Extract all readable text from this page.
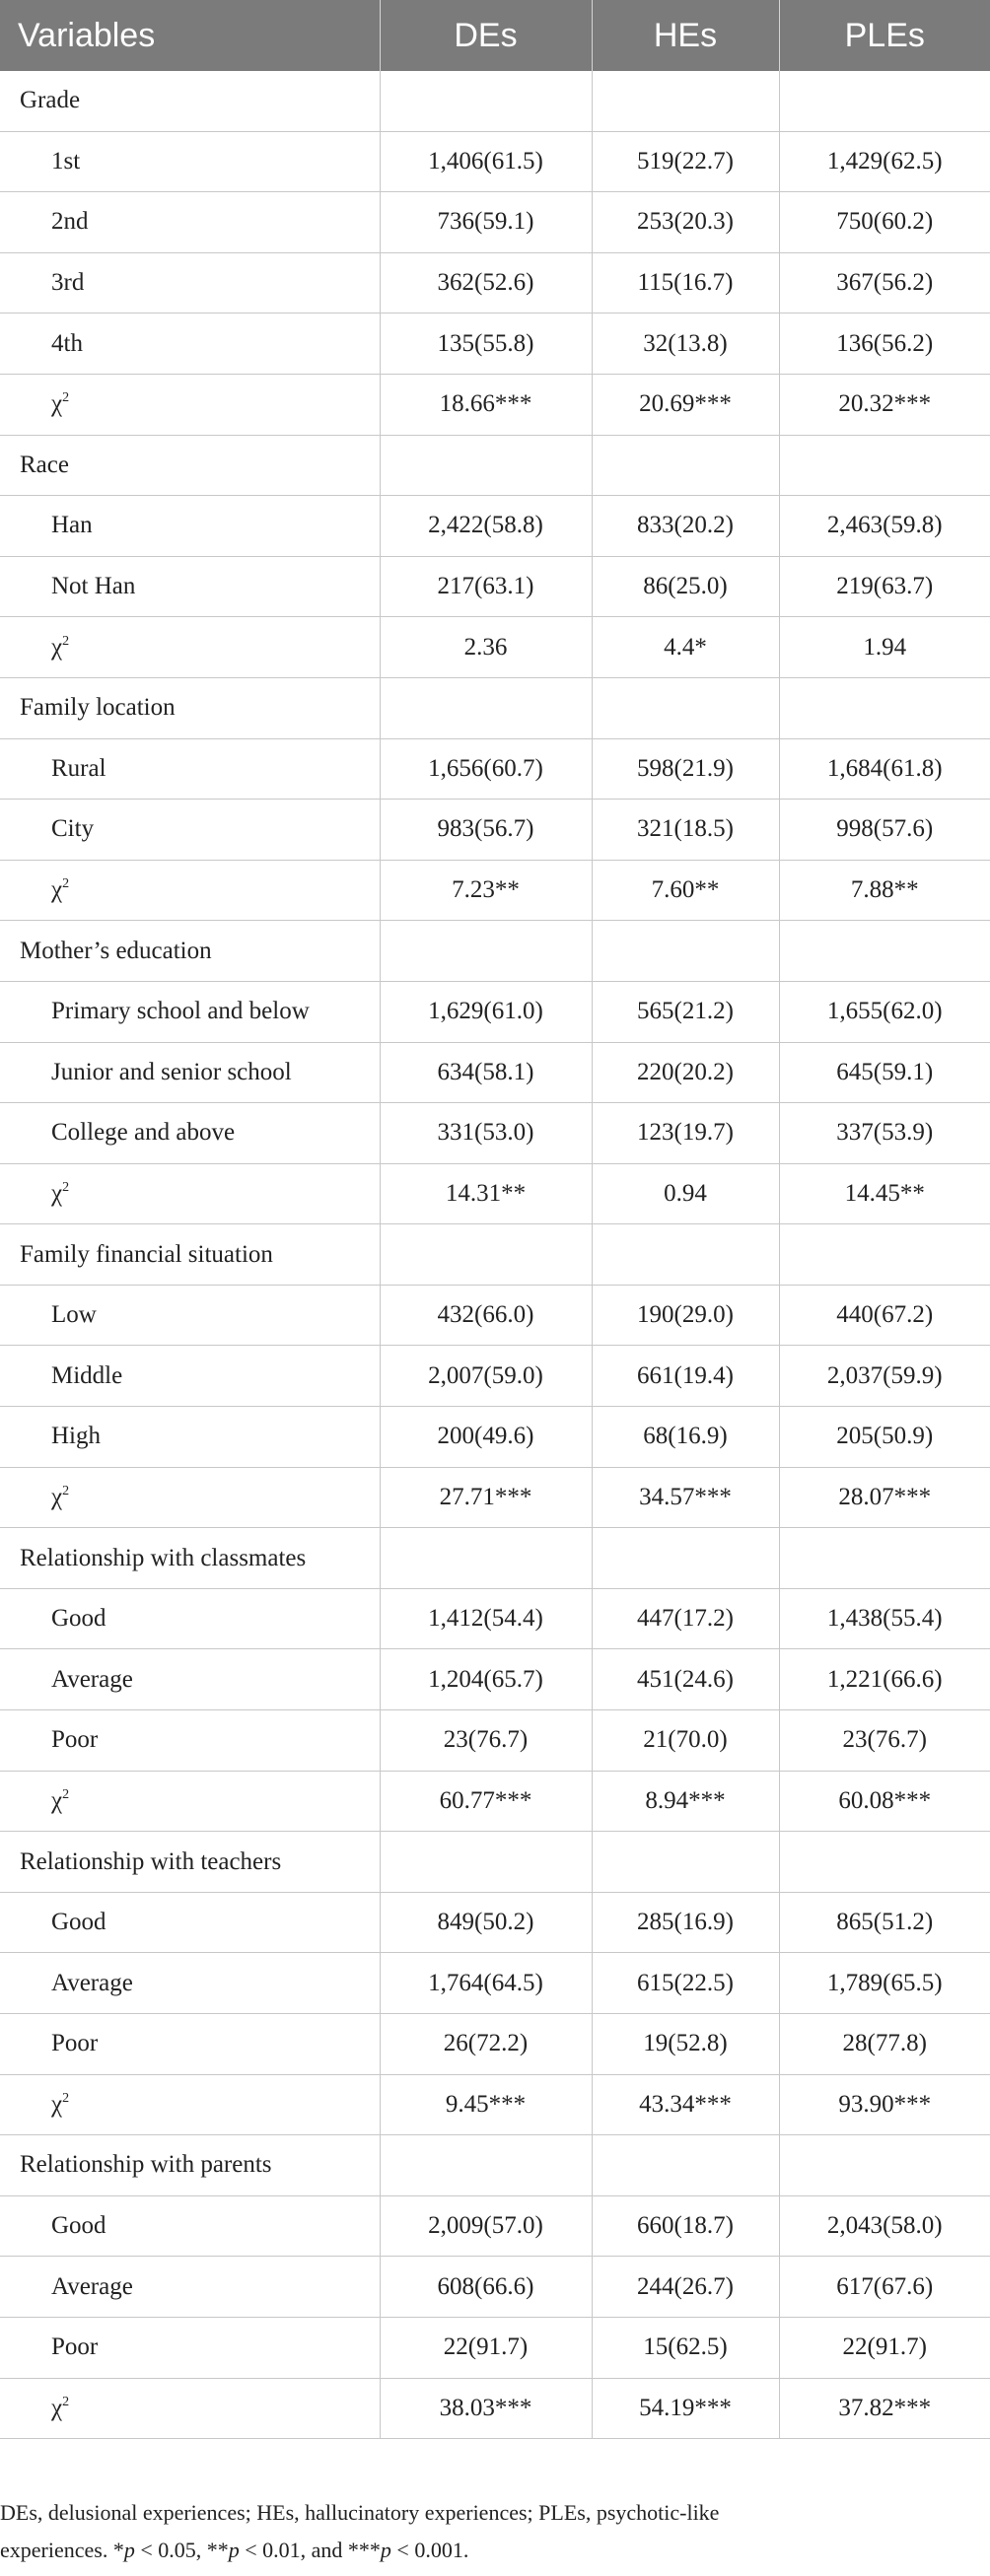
Variables	DEs	HEs	PLEs
Grade			
1st	1,406(61.5)	519(22.7)	1,429(62.5)
2nd	736(59.1)	253(20.3)	750(60.2)
3rd	362(52.6)	115(16.7)	367(56.2)
4th	135(55.8)	32(13.8)	136(56.2)
$\chi^2$	18.66***	20.69***	20.32***
Race			
Han	2,422(58.8)	833(20.2)	2,463(59.8)
Not Han	217(63.1)	86(25.0)	219(63.7)
$\chi^2$	2.36	4.4*	1.94
Family location			
Rural	1,656(60.7)	598(21.9)	1,684(61.8)
City	983(56.7)	321(18.5)	998(57.6)
$\chi^2$	7.23**	7.60**	7.88**
Mother’s education			
Primary school and below	1,629(61.0)	565(21.2)	1,655(62.0)
Junior and senior school	634(58.1)	220(20.2)	645(59.1)
College and above	331(53.0)	123(19.7)	337(53.9)
$\chi^2$	14.31**	0.94	14.45**
Family financial situation			
Low	432(66.0)	190(29.0)	440(67.2)
Middle	2,007(59.0)	661(19.4)	2,037(59.9)
High	200(49.6)	68(16.9)	205(50.9)
$\chi^2$	27.71***	34.57***	28.07***
Relationship with classmates			
Good	1,412(54.4)	447(17.2)	1,438(55.4)
Average	1,204(65.7)	451(24.6)	1,221(66.6)
Poor	23(76.7)	21(70.0)	23(76.7)
$\chi^2$	60.77***	8.94***	60.08***
Relationship with teachers			
Good	849(50.2)	285(16.9)	865(51.2)
Average	1,764(64.5)	615(22.5)	1,789(65.5)
Poor	26(72.2)	19(52.8)	28(77.8)
$\chi^2$	9.45***	43.34***	93.90***
Relationship with parents			
Good	2,009(57.0)	660(18.7)	2,043(58.0)
Average	608(66.6)	244(26.7)	617(67.6)
Poor	22(91.7)	15(62.5)	22(91.7)
$\chi^2$	38.03***	54.19***	37.82***
DEs, delusional experiences; HEs, hallucinatory experiences; PLEs, psychotic-like
experiences. *p < 0.05, **p < 0.01, and ***p < 0.001.
